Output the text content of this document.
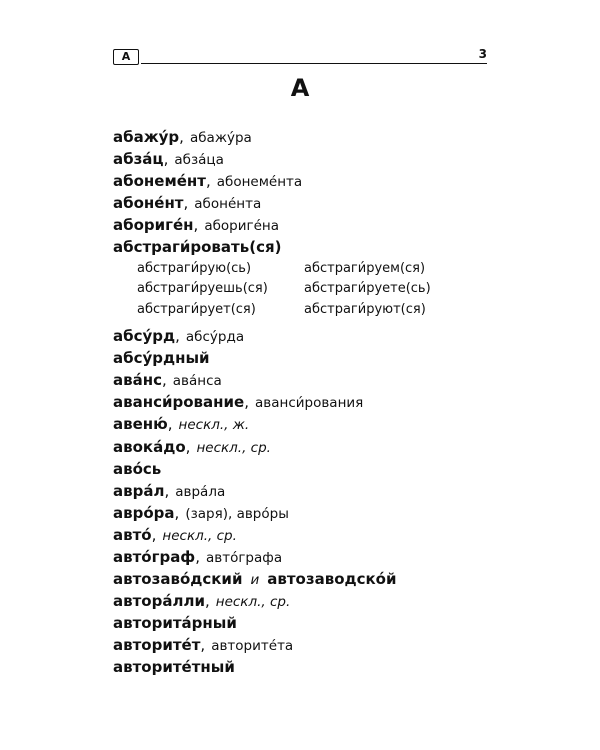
А	3
А
абажу́р, абажу́ра
абза́ц, абза́ца
абонеме́нт, абонеме́нта
абоне́нт, абоне́нта
абориге́н, абориге́на
абстраги́ровать(ся)
абстраги́рую(сь)	абстраги́руем(ся)
абстраги́руешь(ся)	абстраги́руете(сь)
абстраги́рует(ся)	абстраги́руют(ся)
абсу́рд, абсу́рда
абсу́рдный
ава́нс, ава́нса
аванси́рование, аванси́рования
авеню́, нескл., ж.
авока́до, нескл., ср.
аво́сь
авра́л, авра́ла
авро́ра, (заря), авро́ры
авто́, нескл., ср.
авто́граф, авто́графа
автозаво́дский и автозаводско́й
автора́лли, нескл., ср.
авторита́рный
авторите́т, авторите́та
авторите́тный
